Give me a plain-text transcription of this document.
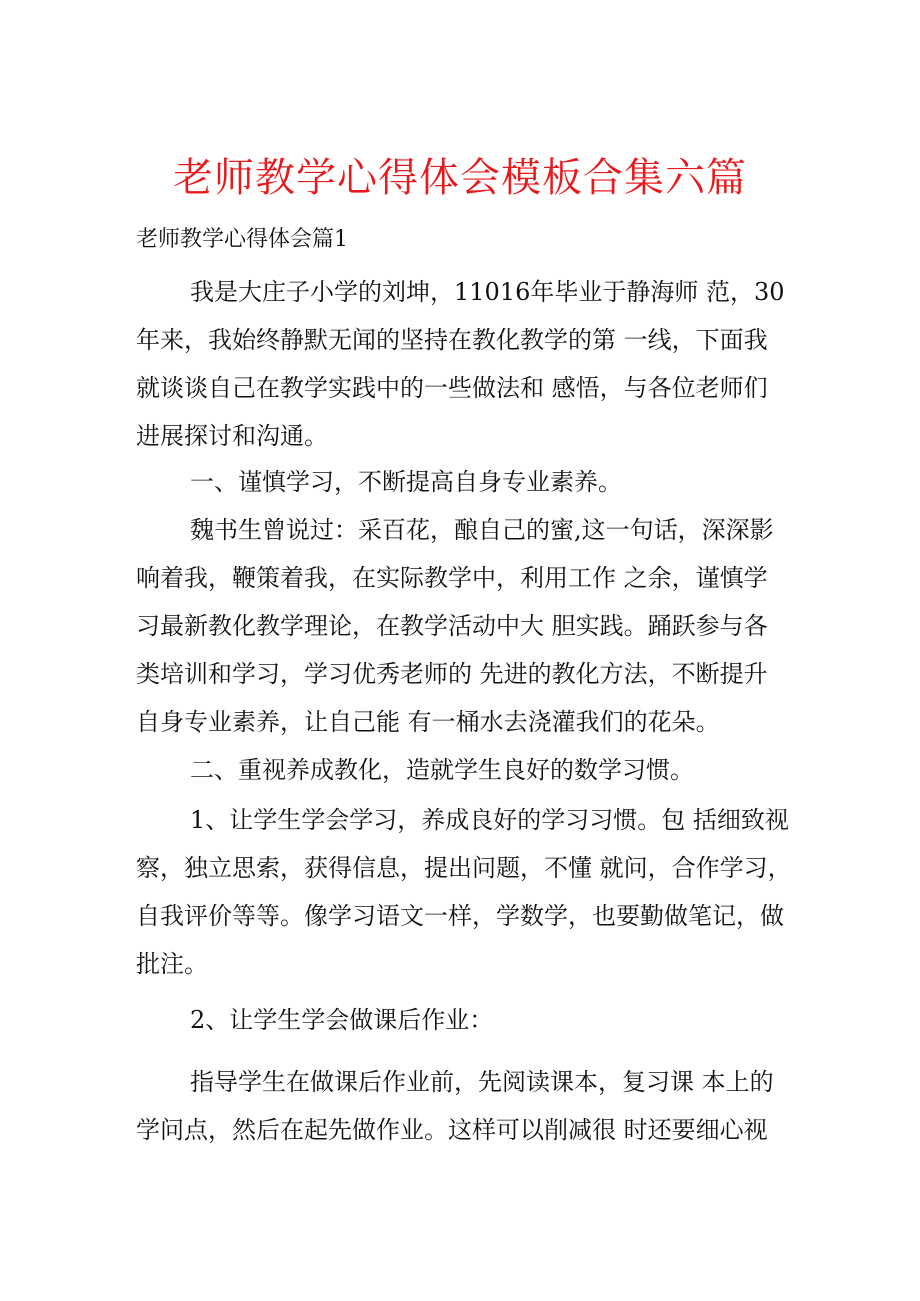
老师教学心得体会模板合集六篇
老师教学心得体会篇1
我是大庄子小学的刘坤，11016年毕业于静海师 范，30
年来，我始终静默无闻的坚持在教化教学的第 一线，下面我
就谈谈自己在教学实践中的一些做法和 感悟，与各位老师们
进展探讨和沟通。
一、谨慎学习，不断提高自身专业素养。
魏书生曾说过：采百花，酿自己的蜜,这一句话，深深影
响着我，鞭策着我，在实际教学中，利用工作 之余，谨慎学
习最新教化教学理论，在教学活动中大 胆实践。踊跃参与各
类培训和学习，学习优秀老师的 先进的教化方法，不断提升
自身专业素养，让自己能 有一桶水去浇灌我们的花朵。
二、重视养成教化，造就学生良好的数学习惯。
1、让学生学会学习，养成良好的学习习惯。包 括细致视
察，独立思索，获得信息，提出问题，不懂 就问，合作学习，
自我评价等等。像学习语文一样，学数学，也要勤做笔记，做
批注。
2、让学生学会做课后作业：
指导学生在做课后作业前，先阅读课本，复习课 本上的
学问点，然后在起先做作业。这样可以削减很 时还要细心视
